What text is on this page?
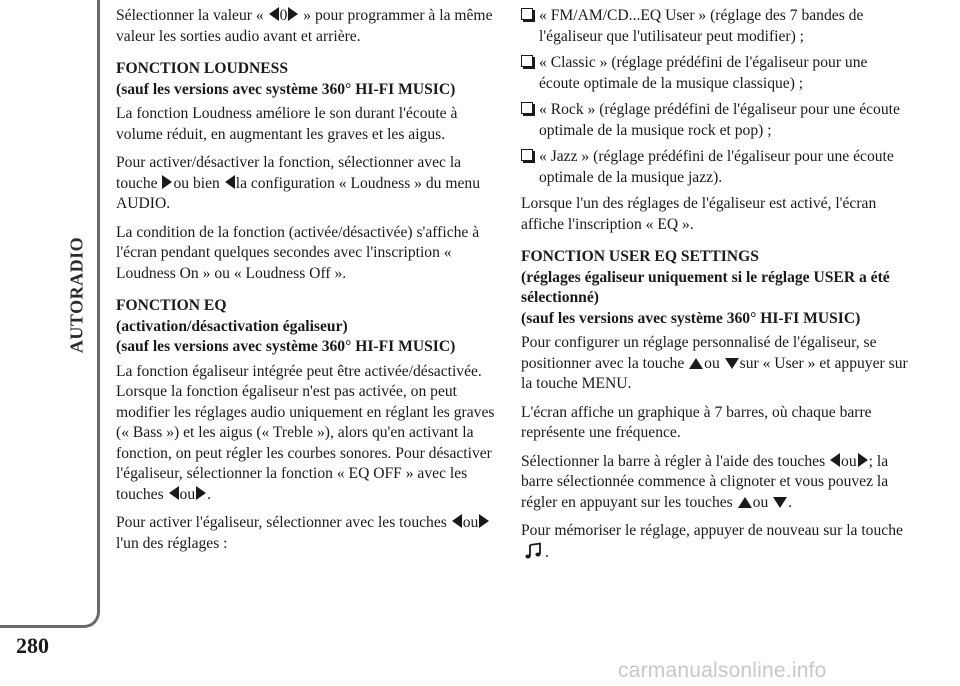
AUTORADIO
280
carmanualsonline.info

Sélectionner la valeur « 0 » pour programmer à la même valeur les sorties audio avant et arrière.

FONCTION LOUDNESS
(sauf les versions avec système 360° HI-FI MUSIC)

La fonction Loudness améliore le son durant l'écoute à volume réduit, en augmentant les graves et les aigus.

Pour activer/désactiver la fonction, sélectionner avec la touche ou bien la configuration « Loudness » du menu AUDIO.

La condition de la fonction (activée/désactivée) s'affiche à l'écran pendant quelques secondes avec l'inscription « Loudness On » ou « Loudness Off ».

FONCTION EQ
(activation/désactivation égaliseur)
(sauf les versions avec système 360° HI-FI MUSIC)

La fonction égaliseur intégrée peut être activée/désactivée. Lorsque la fonction égaliseur n'est pas activée, on peut modifier les réglages audio uniquement en réglant les graves (« Bass ») et les aigus (« Treble »), alors qu'en activant la fonction, on peut régler les courbes sonores. Pour désactiver l'égaliseur, sélectionner la fonction « EQ OFF » avec les touches ou .

Pour activer l'égaliseur, sélectionner avec les touches oul'un des réglages :

« FM/AM/CD...EQ User » (réglage des 7 bandes de l'égaliseur que l'utilisateur peut modifier) ;

« Classic » (réglage prédéfini de l'égaliseur pour une écoute optimale de la musique classique) ;

« Rock » (réglage prédéfini de l'égaliseur pour une écoute optimale de la musique rock et pop) ;

« Jazz » (réglage prédéfini de l'égaliseur pour une écoute optimale de la musique jazz).

Lorsque l'un des réglages de l'égaliseur est activé, l'écran affiche l'inscription « EQ ».

FONCTION USER EQ SETTINGS
(réglages égaliseur uniquement si le réglage USER a été sélectionné)
(sauf les versions avec système 360° HI-FI MUSIC)

Pour configurer un réglage personnalisé de l'égaliseur, se positionner avec la touche ou sur « User » et appuyer sur la touche MENU.

L'écran affiche un graphique à 7 barres, où chaque barre représente une fréquence.

Sélectionner la barre à régler à l'aide des touches ou ; la barre sélectionnée commence à clignoter et vous pouvez la régler en appuyant sur les touches ou .

Pour mémoriser le réglage, appuyer de nouveau sur la touche .
